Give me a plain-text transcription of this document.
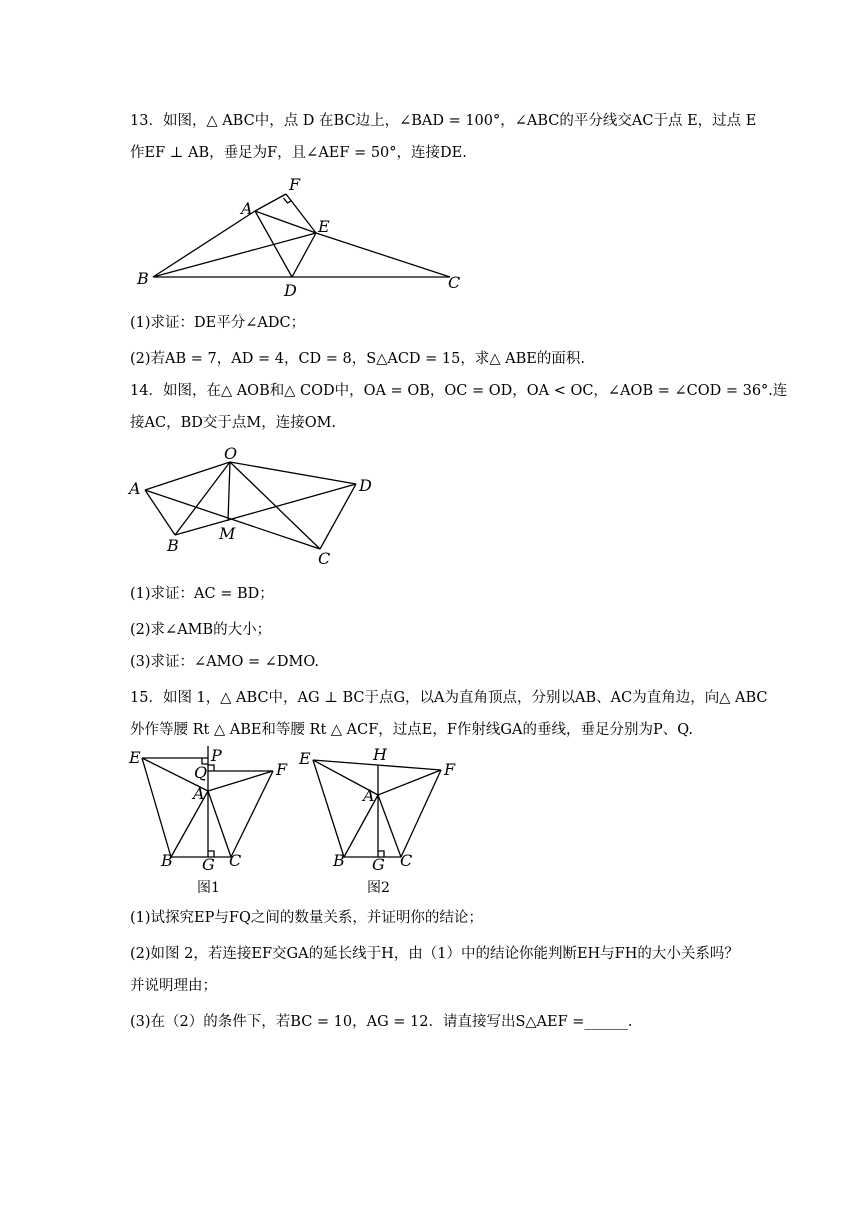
13．如图，△ ABC中，点 D 在BC边上，∠BAD = 100°，∠ABC的平分线交AC于点 E，过点 E
作EF ⊥ AB，垂足为F，且∠AEF = 50°，连接DE.
F
A
E
B
D	C
(1)求证：DE平分∠ADC；
(2)若AB = 7，AD = 4，CD = 8，S△ACD = 15，求△ ABE的面积.
14．如图，在△ AOB和△ COD中，OA = OB，OC = OD，OA < OC，∠AOB = ∠COD = 36°.连
接AC，BD交于点M，连接OM.
O
A	D
B
M
C
(1)求证：AC = BD；
(2)求∠AMB的大小；
(3)求证：∠AMO = ∠DMO.
15．如图 1，△ ABC中，AG ⊥ BC于点G，以A为直角顶点，分别以AB、AC为直角边，向△ ABC
外作等腰 Rt △ ABE和等腰 Rt △ ACF，过点E，F作射线GA的垂线，垂足分别为P、Q.
E	P
Q	F
A
B G C
图1
E	H
F
A
B G C
图2
(1)试探究EP与FQ之间的数量关系，并证明你的结论；
(2)如图 2，若连接EF交GA的延长线于H，由（1）中的结论你能判断EH与FH的大小关系吗？
并说明理由；
(3)在（2）的条件下，若BC = 10，AG = 12．请直接写出S△AEF =______.
